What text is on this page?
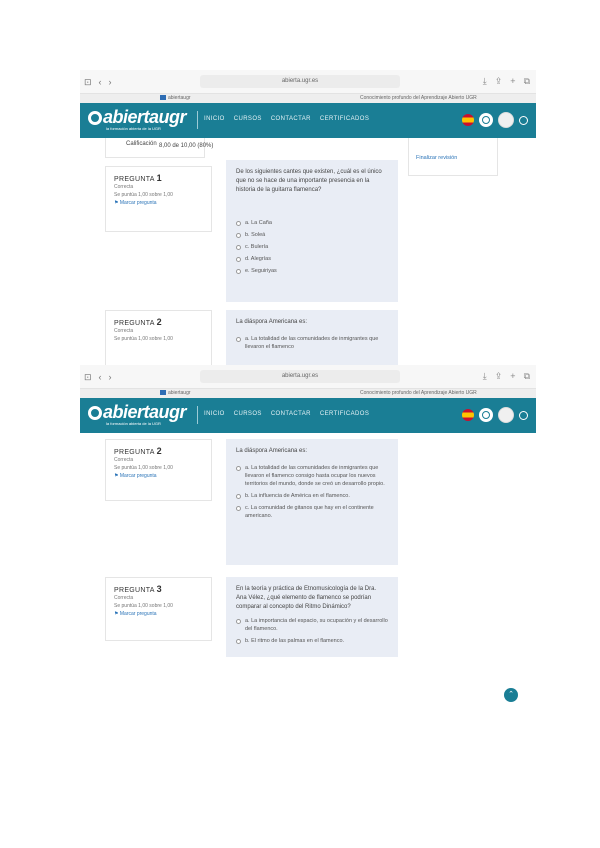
⊡ ‹ ›	abierta.ugr.es	⤓ ⇪ + ⧉
abiertaugr	Conocimiento profundo del Aprendizaje Abierto UGR
abiertaugr
la formación abierta de la UGR
INICIO CURSOS CONTACTAR CERTIFICADOS
Calificación 8,00 de 10,00 (80%)
Finalizar revisión
PREGUNTA 1
Correcta
Se puntúa 1,00 sobre 1,00
⚑ Marcar pregunta
De los siguientes cantes que existen, ¿cuál es el único que no se hace de una importante presencia en la historia de la guitarra flamenca?
a. La Caña
b. Soleá
c. Bulería
d. Alegrías
e. Seguiriyas
PREGUNTA 2
Correcta
Se puntúa 1,00 sobre 1,00
La diáspora Americana es:
a. La totalidad de las comunidades de inmigrantes que llevaron el flamenco
⊡ ‹ ›	abierta.ugr.es	⤓ ⇪ + ⧉
abiertaugr	Conocimiento profundo del Aprendizaje Abierto UGR
abiertaugr
la formación abierta de la UGR
INICIO CURSOS CONTACTAR CERTIFICADOS
PREGUNTA 2
Correcta
Se puntúa 1,00 sobre 1,00
⚑ Marcar pregunta
La diáspora Americana es:
a. La totalidad de las comunidades de inmigrantes que llevaron el flamenco consigo hasta ocupar los nuevos territorios del mundo, donde se creó un desarrollo propio.
b. La influencia de América en el flamenco.
c. La comunidad de gitanos que hay en el continente americano.
PREGUNTA 3
Correcta
Se puntúa 1,00 sobre 1,00
⚑ Marcar pregunta
En la teoría y práctica de Etnomusicología de la Dra. Ana Vélez, ¿qué elemento de flamenco se podrían comparar al concepto del Ritmo Dinámico?
a. La importancia del espacio, su ocupación y el desarrollo del flamenco.
b. El ritmo de las palmas en el flamenco.
⌃
